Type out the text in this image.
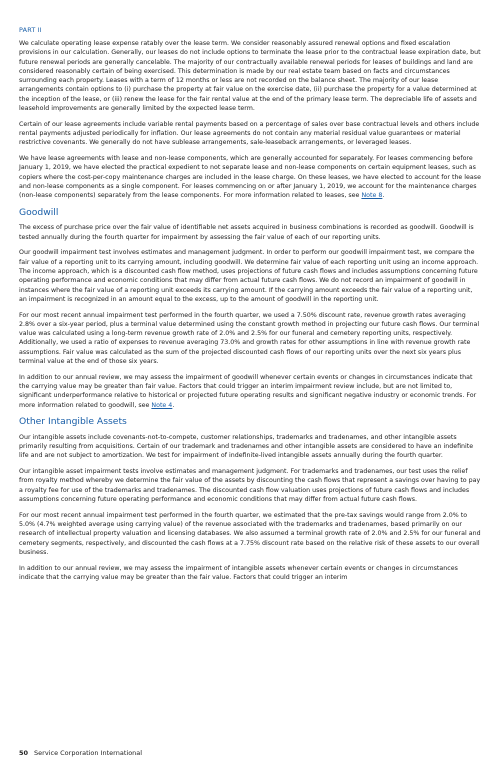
PART II

We calculate operating lease expense ratably over the lease term. We consider reasonably assured renewal options and fixed escalation provisions in our calculation. Generally, our leases do not include options to terminate the lease prior to the contractual lease expiration date, but future renewal periods are generally cancelable. The majority of our contractually available renewal periods for leases of buildings and land are considered reasonably certain of being exercised. This determination is made by our real estate team based on facts and circumstances surrounding each property. Leases with a term of 12 months or less are not recorded on the balance sheet. The majority of our lease arrangements contain options to (i) purchase the property at fair value on the exercise date, (ii) purchase the property for a value determined at the inception of the lease, or (iii) renew the lease for the fair rental value at the end of the primary lease term. The depreciable life of assets and leasehold improvements are generally limited by the expected lease term.

Certain of our lease agreements include variable rental payments based on a percentage of sales over base contractual levels and others include rental payments adjusted periodically for inflation. Our lease agreements do not contain any material residual value guarantees or material restrictive covenants. We generally do not have sublease arrangements, sale-leaseback arrangements, or leveraged leases.

We have lease agreements with lease and non-lease components, which are generally accounted for separately. For leases commencing before January 1, 2019, we have elected the practical expedient to not separate lease and non-lease components on certain equipment leases, such as copiers where the cost-per-copy maintenance charges are included in the lease charge. On these leases, we have elected to account for the lease and non-lease components as a single component. For leases commencing on or after January 1, 2019, we account for the maintenance charges (non-lease components) separately from the lease components. For more information related to leases, see Note 8.

Goodwill

The excess of purchase price over the fair value of identifiable net assets acquired in business combinations is recorded as goodwill. Goodwill is tested annually during the fourth quarter for impairment by assessing the fair value of each of our reporting units.

Our goodwill impairment test involves estimates and management judgment. In order to perform our goodwill impairment test, we compare the fair value of a reporting unit to its carrying amount, including goodwill. We determine fair value of each reporting unit using an income approach. The income approach, which is a discounted cash flow method, uses projections of future cash flows and includes assumptions concerning future operating performance and economic conditions that may differ from actual future cash flows. We do not record an impairment of goodwill in instances where the fair value of a reporting unit exceeds its carrying amount. If the carrying amount exceeds the fair value of a reporting unit, an impairment is recognized in an amount equal to the excess, up to the amount of goodwill in the reporting unit.

For our most recent annual impairment test performed in the fourth quarter, we used a 7.50% discount rate, revenue growth rates averaging 2.8% over a six-year period, plus a terminal value determined using the constant growth method in projecting our future cash flows. Our terminal value was calculated using a long-term revenue growth rate of 2.0% and 2.5% for our funeral and cemetery reporting units, respectively. Additionally, we used a ratio of expenses to revenue averaging 73.0% and growth rates for other assumptions in line with revenue growth rate assumptions. Fair value was calculated as the sum of the projected discounted cash flows of our reporting units over the next six years plus terminal value at the end of those six years.

In addition to our annual review, we may assess the impairment of goodwill whenever certain events or changes in circumstances indicate that the carrying value may be greater than fair value. Factors that could trigger an interim impairment review include, but are not limited to, significant underperformance relative to historical or projected future operating results and significant negative industry or economic trends. For more information related to goodwill, see Note 4.

Other Intangible Assets

Our intangible assets include covenants-not-to-compete, customer relationships, trademarks and tradenames, and other intangible assets primarily resulting from acquisitions. Certain of our trademark and tradenames and other intangible assets are considered to have an indefinite life and are not subject to amortization. We test for impairment of indefinite-lived intangible assets annually during the fourth quarter.

Our intangible asset impairment tests involve estimates and management judgment. For trademarks and tradenames, our test uses the relief from royalty method whereby we determine the fair value of the assets by discounting the cash flows that represent a savings over having to pay a royalty fee for use of the trademarks and tradenames. The discounted cash flow valuation uses projections of future cash flows and includes assumptions concerning future operating performance and economic conditions that may differ from actual future cash flows.

For our most recent annual impairment test performed in the fourth quarter, we estimated that the pre-tax savings would range from 2.0% to 5.0% (4.7% weighted average using carrying value) of the revenue associated with the trademarks and tradenames, based primarily on our research of intellectual property valuation and licensing databases. We also assumed a terminal growth rate of 2.0% and 2.5% for our funeral and cemetery segments, respectively, and discounted the cash flows at a 7.75% discount rate based on the relative risk of these assets to our overall business.

In addition to our annual review, we may assess the impairment of intangible assets whenever certain events or changes in circumstances indicate that the carrying value may be greater than the fair value. Factors that could trigger an interim

50 Service Corporation International
